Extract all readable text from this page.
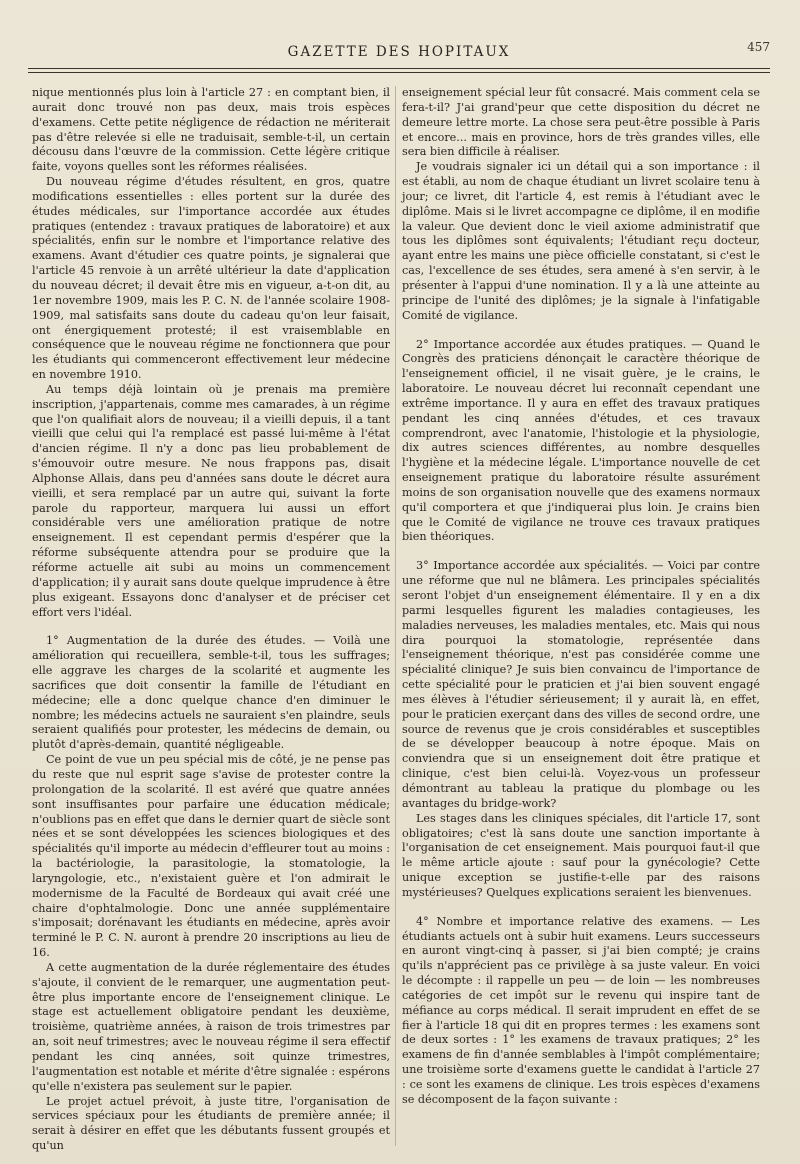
GAZETTE DES HOPITAUX	457

nique mentionnés plus loin à l'article 27 : en comptant bien, il aurait donc trouvé non pas deux, mais trois espèces d'examens. Cette petite négligence de rédaction ne mériterait pas d'être relevée si elle ne traduisait, semble-t-il, un certain décousu dans l'œuvre de la commission. Cette légère critique faite, voyons quelles sont les réformes réalisées.

Du nouveau régime d'études résultent, en gros, quatre modifications essentielles : elles portent sur la durée des études médicales, sur l'importance accordée aux études pratiques (entendez : travaux pratiques de laboratoire) et aux spécialités, enfin sur le nombre et l'importance relative des examens. Avant d'étudier ces quatre points, je signalerai que l'article 45 renvoie à un arrêté ultérieur la date d'application du nouveau décret; il devait être mis en vigueur, a-t-on dit, au 1er novembre 1909, mais les P. C. N. de l'année scolaire 1908-1909, mal satisfaits sans doute du cadeau qu'on leur faisait, ont énergiquement protesté; il est vraisemblable en conséquence que le nouveau régime ne fonctionnera que pour les étudiants qui commenceront effectivement leur médecine en novembre 1910.

Au temps déjà lointain où je prenais ma première inscription, j'appartenais, comme mes camarades, à un régime que l'on qualifiait alors de nouveau; il a vieilli depuis, il a tant vieilli que celui qui l'a remplacé est passé lui-même à l'état d'ancien régime. Il n'y a donc pas lieu probablement de s'émouvoir outre mesure. Ne nous frappons pas, disait Alphonse Allais, dans peu d'années sans doute le décret aura vieilli, et sera remplacé par un autre qui, suivant la forte parole du rapporteur, marquera lui aussi un effort considérable vers une amélioration pratique de notre enseignement. Il est cependant permis d'espérer que la réforme subséquente attendra pour se produire que la réforme actuelle ait subi au moins un commencement d'application; il y aurait sans doute quelque imprudence à être plus exigeant. Essayons donc d'analyser et de préciser cet effort vers l'idéal.

1° Augmentation de la durée des études. — Voilà une amélioration qui recueillera, semble-t-il, tous les suffrages; elle aggrave les charges de la scolarité et augmente les sacrifices que doit consentir la famille de l'étudiant en médecine; elle a donc quelque chance d'en diminuer le nombre; les médecins actuels ne sauraient s'en plaindre, seuls seraient qualifiés pour protester, les médecins de demain, ou plutôt d'après-demain, quantité négligeable.

Ce point de vue un peu spécial mis de côté, je ne pense pas du reste que nul esprit sage s'avise de protester contre la prolongation de la scolarité. Il est avéré que quatre années sont insuffisantes pour parfaire une éducation médicale; n'oublions pas en effet que dans le dernier quart de siècle sont nées et se sont développées les sciences biologiques et des spécialités qu'il importe au médecin d'effleurer tout au moins : la bactériologie, la parasitologie, la stomatologie, la laryngologie, etc., n'existaient guère et l'on admirait le modernisme de la Faculté de Bordeaux qui avait créé une chaire d'ophtalmologie. Donc une année supplémentaire s'imposait; dorénavant les étudiants en médecine, après avoir terminé le P. C. N. auront à prendre 20 inscriptions au lieu de 16.

A cette augmentation de la durée réglementaire des études s'ajoute, il convient de le remarquer, une augmentation peut-être plus importante encore de l'enseignement clinique. Le stage est actuellement obligatoire pendant les deuxième, troisième, quatrième années, à raison de trois trimestres par an, soit neuf trimestres; avec le nouveau régime il sera effectif pendant les cinq années, soit quinze trimestres, l'augmentation est notable et mérite d'être signalée : espérons qu'elle n'existera pas seulement sur le papier.

Le projet actuel prévoit, à juste titre, l'organisation de services spéciaux pour les étudiants de première année; il serait à désirer en effet que les débutants fussent groupés et qu'un

enseignement spécial leur fût consacré. Mais comment cela se fera-t-il? J'ai grand'peur que cette disposition du décret ne demeure lettre morte. La chose sera peut-être possible à Paris et encore... mais en province, hors de très grandes villes, elle sera bien difficile à réaliser.

Je voudrais signaler ici un détail qui a son importance : il est établi, au nom de chaque étudiant un livret scolaire tenu à jour; ce livret, dit l'article 4, est remis à l'étudiant avec le diplôme. Mais si le livret accompagne ce diplôme, il en modifie la valeur. Que devient donc le vieil axiome administratif que tous les diplômes sont équivalents; l'étudiant reçu docteur, ayant entre les mains une pièce officielle constatant, si c'est le cas, l'excellence de ses études, sera amené à s'en servir, à le présenter à l'appui d'une nomination. Il y a là une atteinte au principe de l'unité des diplômes; je la signale à l'infatigable Comité de vigilance.

2° Importance accordée aux études pratiques. — Quand le Congrès des praticiens dénonçait le caractère théorique de l'enseignement officiel, il ne visait guère, je le crains, le laboratoire. Le nouveau décret lui reconnaît cependant une extrême importance. Il y aura en effet des travaux pratiques pendant les cinq années d'études, et ces travaux comprendront, avec l'anatomie, l'histologie et la physiologie, dix autres sciences différentes, au nombre desquelles l'hygiène et la médecine légale. L'importance nouvelle de cet enseignement pratique du laboratoire résulte assurément moins de son organisation nouvelle que des examens normaux qu'il comportera et que j'indiquerai plus loin. Je crains bien que le Comité de vigilance ne trouve ces travaux pratiques bien théoriques.

3° Importance accordée aux spécialités. — Voici par contre une réforme que nul ne blâmera. Les principales spécialités seront l'objet d'un enseignement élémentaire. Il y en a dix parmi lesquelles figurent les maladies contagieuses, les maladies nerveuses, les maladies mentales, etc. Mais qui nous dira pourquoi la stomatologie, représentée dans l'enseignement théorique, n'est pas considérée comme une spécialité clinique? Je suis bien convaincu de l'importance de cette spécialité pour le praticien et j'ai bien souvent engagé mes élèves à l'étudier sérieusement; il y aurait là, en effet, pour le praticien exerçant dans des villes de second ordre, une source de revenus que je crois considérables et susceptibles de se développer beaucoup à notre époque. Mais on conviendra que si un enseignement doit être pratique et clinique, c'est bien celui-là. Voyez-vous un professeur démontrant au tableau la pratique du plombage ou les avantages du bridge-work?

Les stages dans les cliniques spéciales, dit l'article 17, sont obligatoires; c'est là sans doute une sanction importante à l'organisation de cet enseignement. Mais pourquoi faut-il que le même article ajoute : sauf pour la gynécologie? Cette unique exception se justifie-t-elle par des raisons mystérieuses? Quelques explications seraient les bienvenues.

4° Nombre et importance relative des examens. — Les étudiants actuels ont à subir huit examens. Leurs successeurs en auront vingt-cinq à passer, si j'ai bien compté; je crains qu'ils n'apprécient pas ce privilège à sa juste valeur. En voici le décompte : il rappelle un peu — de loin — les nombreuses catégories de cet impôt sur le revenu qui inspire tant de méfiance au corps médical. Il serait imprudent en effet de se fier à l'article 18 qui dit en propres termes : les examens sont de deux sortes : 1° les examens de travaux pratiques; 2° les examens de fin d'année semblables à l'impôt complémentaire; une troisième sorte d'examens guette le candidat à l'article 27 : ce sont les examens de clinique. Les trois espèces d'examens se décomposent de la façon suivante :
